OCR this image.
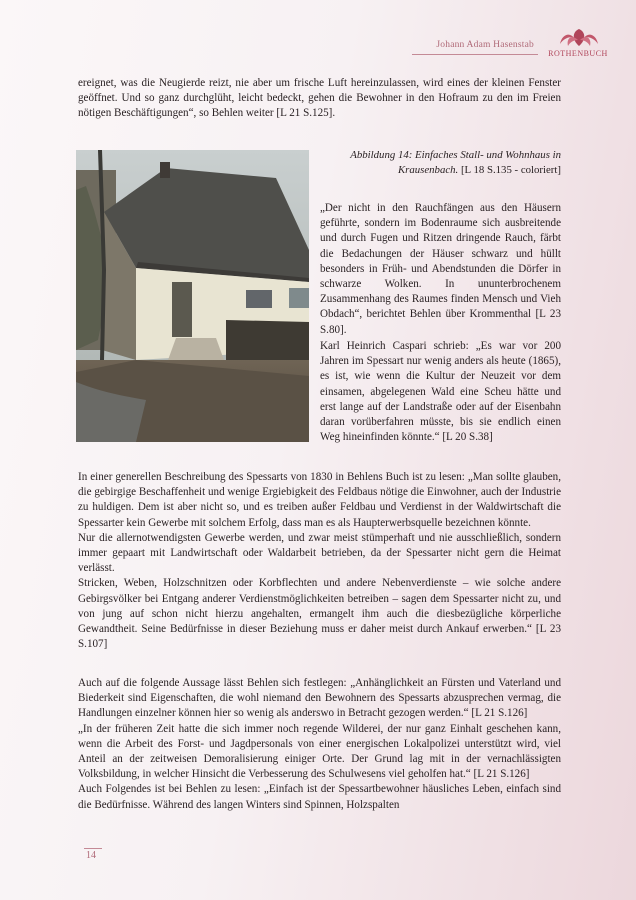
Johann Adam Hasenstab
ROTHENBUCH

ereignet, was die Neugierde reizt, nie aber um frische Luft hereinzulassen, wird eines der kleinen Fenster geöffnet. Und so ganz durchglüht, leicht bedeckt, gehen die Bewohner in den Hofraum zu den im Freien nötigen Beschäftigungen“, so Behlen weiter [L 21 S.125].

Abbildung 14: Einfaches Stall- und Wohnhaus in Krausenbach. [L 18 S.135 - coloriert]

„Der nicht in den Rauchfängen aus den Häusern geführte, sondern im Bodenraume sich ausbreitende und durch Fugen und Ritzen dringende Rauch, färbt die Bedachungen der Häuser schwarz und hüllt besonders in Früh- und Abendstunden die Dörfer in schwarze Wolken. In ununterbrochenem Zusammenhang des Raumes finden Mensch und Vieh Obdach“, berichtet Behlen über Krommenthal [L 23 S.80].

Karl Heinrich Caspari schrieb: „Es war vor 200 Jahren im Spessart nur wenig anders als heute (1865), es ist, wie wenn die Kultur der Neuzeit vor dem einsamen, abgelegenen Wald eine Scheu hätte und erst lange auf der Landstraße oder auf der Eisenbahn daran vorüberfahren müsste, bis sie endlich einen Weg hineinfinden könnte.“ [L 20 S.38]

In einer generellen Beschreibung des Spessarts von 1830 in Behlens Buch ist zu lesen: „Man sollte glauben, die gebirgige Beschaffenheit und wenige Ergiebigkeit des Feldbaus nötige die Einwohner, auch der Industrie zu huldigen. Dem ist aber nicht so, und es treiben außer Feldbau und Verdienst in der Waldwirtschaft die Spessarter kein Gewerbe mit solchem Erfolg, dass man es als Haupterwerbsquelle bezeichnen könnte.

Nur die allernotwendigsten Gewerbe werden, und zwar meist stümperhaft und nie ausschließlich, sondern immer gepaart mit Landwirtschaft oder Waldarbeit betrieben, da der Spessarter nicht gern die Heimat verlässt.

Stricken, Weben, Holzschnitzen oder Korbflechten und andere Nebenverdienste – wie solche andere Gebirgsvölker bei Entgang anderer Verdienstmöglichkeiten betreiben – sagen dem Spessarter nicht zu, und von jung auf schon nicht hierzu angehalten, ermangelt ihm auch die diesbezügliche körperliche Gewandtheit. Seine Bedürfnisse in dieser Beziehung muss er daher meist durch Ankauf erwerben.“ [L 23 S.107]

Auch auf die folgende Aussage lässt Behlen sich festlegen: „Anhänglichkeit an Fürsten und Vaterland und Biederkeit sind Eigenschaften, die wohl niemand den Bewohnern des Spessarts abzusprechen vermag, die Handlungen einzelner können hier so wenig als anderswo in Betracht gezogen werden.“ [L 21 S.126]

„In der früheren Zeit hatte die sich immer noch regende Wilderei, der nur ganz Einhalt geschehen kann, wenn die Arbeit des Forst- und Jagdpersonals von einer energischen Lokalpolizei unterstützt wird, viel Anteil an der zeitweisen Demoralisierung einiger Orte. Der Grund lag mit in der vernachlässigten Volksbildung, in welcher Hinsicht die Verbesserung des Schulwesens viel geholfen hat.“ [L 21 S.126]

Auch Folgendes ist bei Behlen zu lesen: „Einfach ist der Spessartbewohner häusliches Leben, einfach sind die Bedürfnisse. Während des langen Winters sind Spinnen, Holzspalten

14
